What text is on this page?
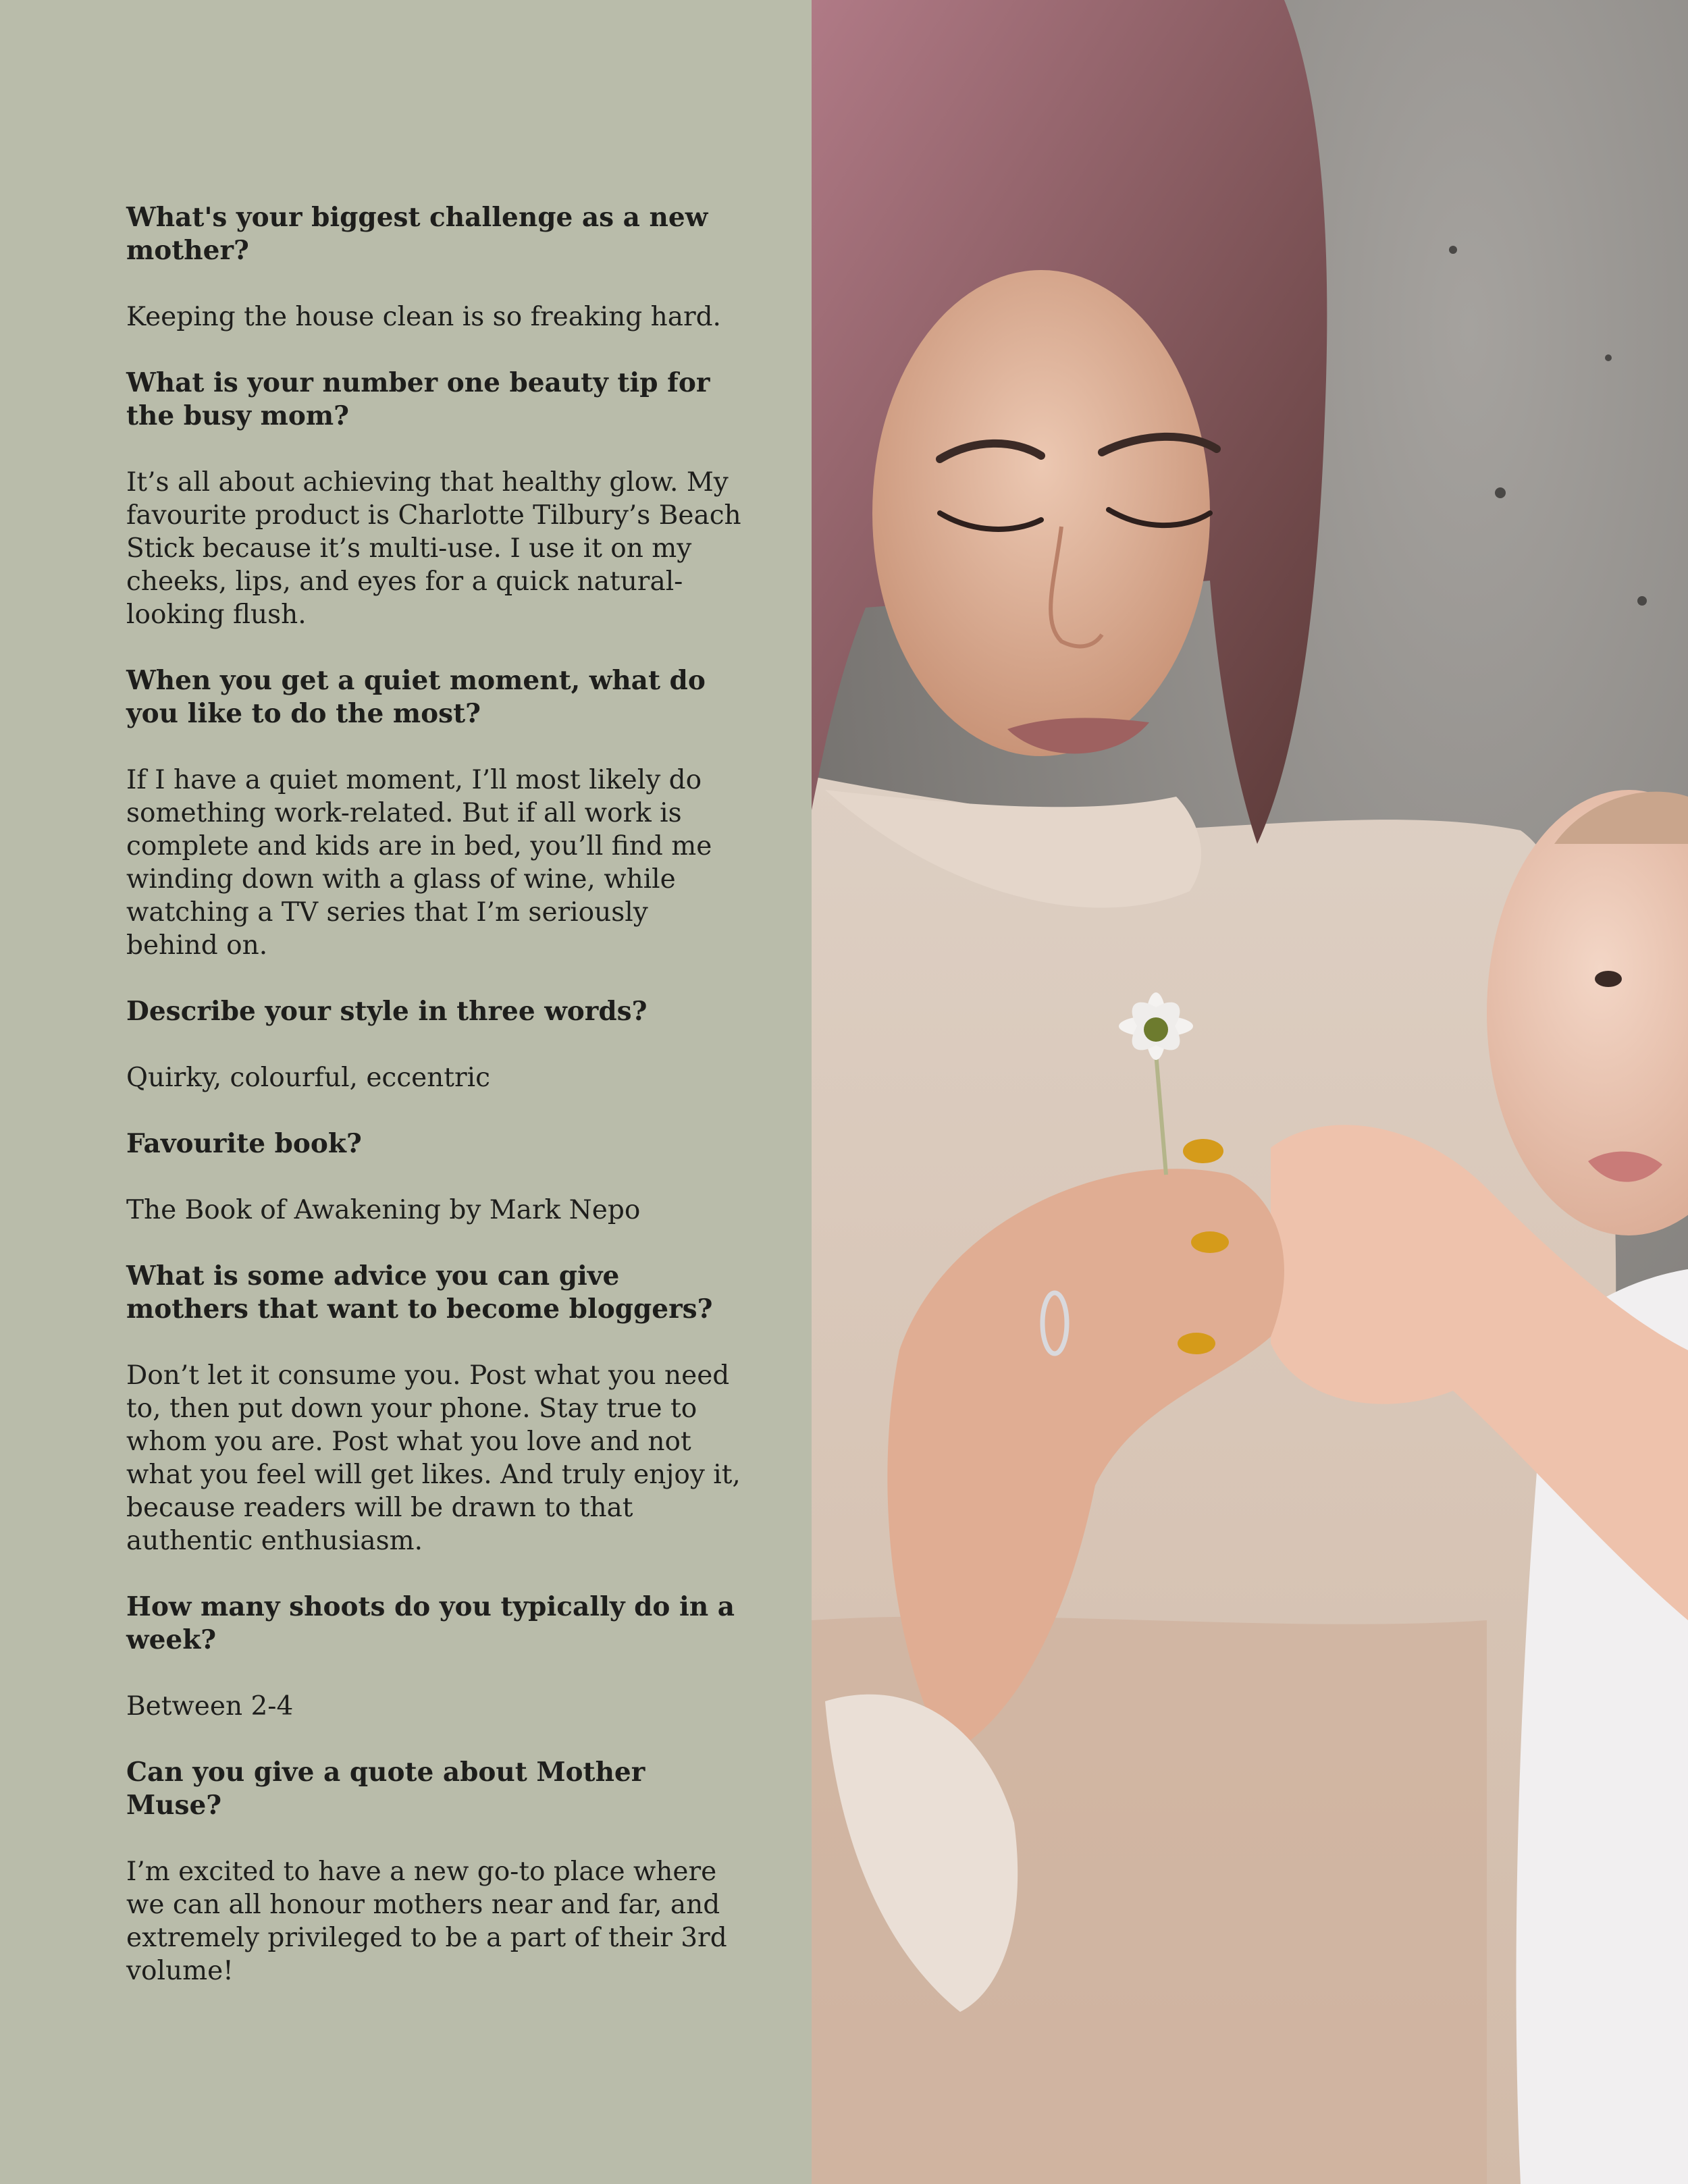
What's your biggest challenge as a new mother?

Keeping the house clean is so freaking hard.

What is your number one beauty tip for the busy mom?

It’s all about achieving that healthy glow. My favourite product is Charlotte Tilbury’s Beach Stick because it’s multi-use. I use it on my cheeks, lips, and eyes for a quick natural-looking flush.

When you get a quiet moment, what do you like to do the most?

If I have a quiet moment, I’ll most likely do something work-related. But if all work is complete and kids are in bed, you’ll find me winding down with a glass of wine, while watching a TV series that I’m seriously behind on.

Describe your style in three words?

Quirky, colourful, eccentric

Favourite book?

The Book of Awakening by Mark Nepo

What is some advice you can give mothers that want to become bloggers?

Don’t let it consume you. Post what you need to, then put down your phone. Stay true to whom you are. Post what you love and not what you feel will get likes. And truly enjoy it, because readers will be drawn to that authentic enthusiasm.

How many shoots do you typically do in a week?

Between 2-4

Can you give a quote about Mother Muse?

I’m excited to have a new go-to place where we can all honour mothers near and far, and extremely privileged to be a part of their 3rd volume!
